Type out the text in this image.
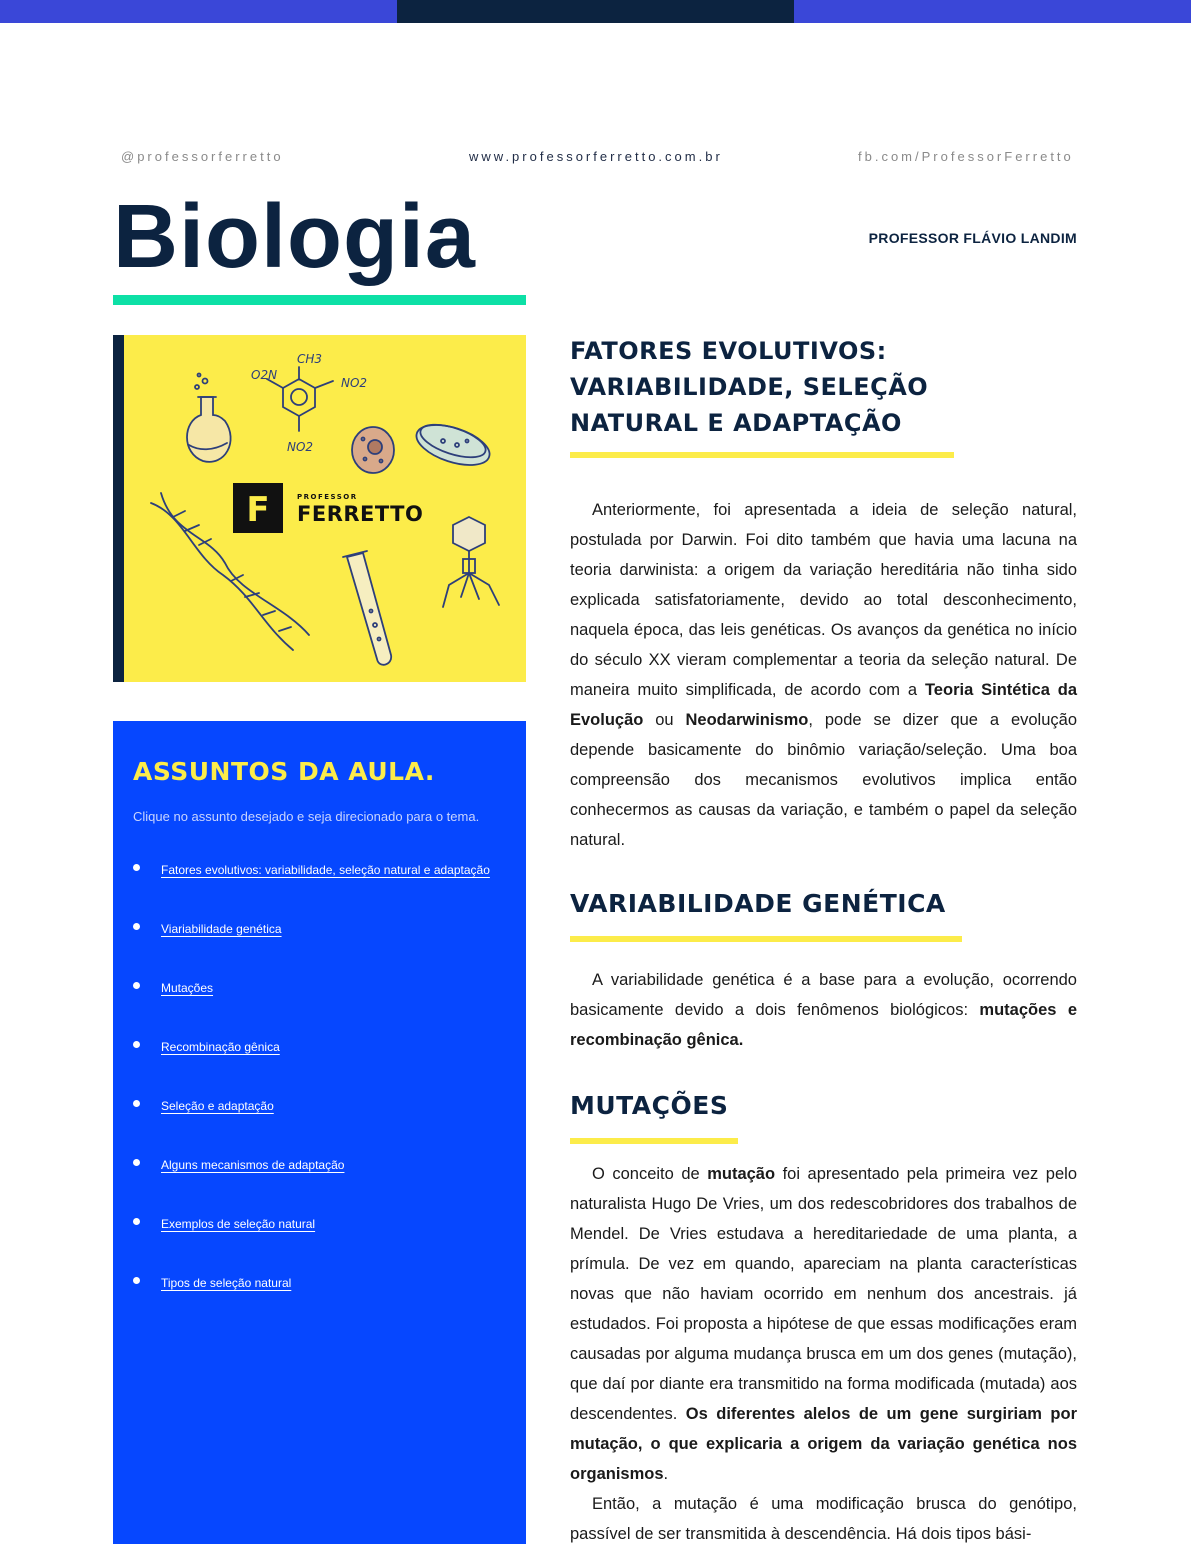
@professorferretto	www.professorferretto.com.br	fb.com/ProfessorFerretto
Biologia	PROFESSOR FLÁVIO LANDIM
CH3
O2N
NO2
NO2
F	PROFESSOR
FERRETTO
ASSUNTOS DA AULA.
Clique no assunto desejado e seja direcionado para o tema.
Fatores evolutivos: variabilidade, seleção natural e adaptação
Viariabilidade genética
Mutações
Recombinação gênica
Seleção e adaptação
Alguns mecanismos de adaptação
Exemplos de seleção natural
Tipos de seleção natural
FATORES EVOLUTIVOS:
VARIABILIDADE, SELEÇÃO
NATURAL E ADAPTAÇÃO

Anteriormente, foi apresentada a ideia de seleção natural, postulada por Darwin. Foi dito também que havia uma lacuna na teoria darwinista: a origem da variação hereditária não tinha sido explicada satisfatoriamente, devido ao total desconhecimento, naquela época, das leis genéticas. Os avanços da genética no início do século XX vieram complementar a teoria da seleção natural. De maneira muito simplificada, de acordo com a Teoria Sintética da Evolução ou Neodarwinismo, pode se dizer que a evolução depende basicamente do binômio variação/seleção. Uma boa compreensão dos mecanismos evolutivos implica então conhecermos as causas da variação, e também o papel da seleção natural.

VARIABILIDADE GENÉTICA

A variabilidade genética é a base para a evolução, ocorrendo basicamente devido a dois fenômenos biológicos: mutações e recombinação gênica.

MUTAÇÕES

O conceito de mutação foi apresentado pela primeira vez pelo naturalista Hugo De Vries, um dos redescobridores dos trabalhos de Mendel. De Vries estudava a hereditariedade de uma planta, a prímula. De vez em quando, apareciam na planta características novas que não haviam ocorrido em nenhum dos ancestrais. já estudados. Foi proposta a hipótese de que essas modificações eram causadas por alguma mudança brusca em um dos genes (mutação), que daí por diante era transmitido na forma modificada (mutada) aos descendentes. Os diferentes alelos de um gene surgiriam por mutação, o que explicaria a origem da variação genética nos organismos.

Então, a mutação é uma modificação brusca do genótipo, passível de ser transmitida à descendência. Há dois tipos bási-
